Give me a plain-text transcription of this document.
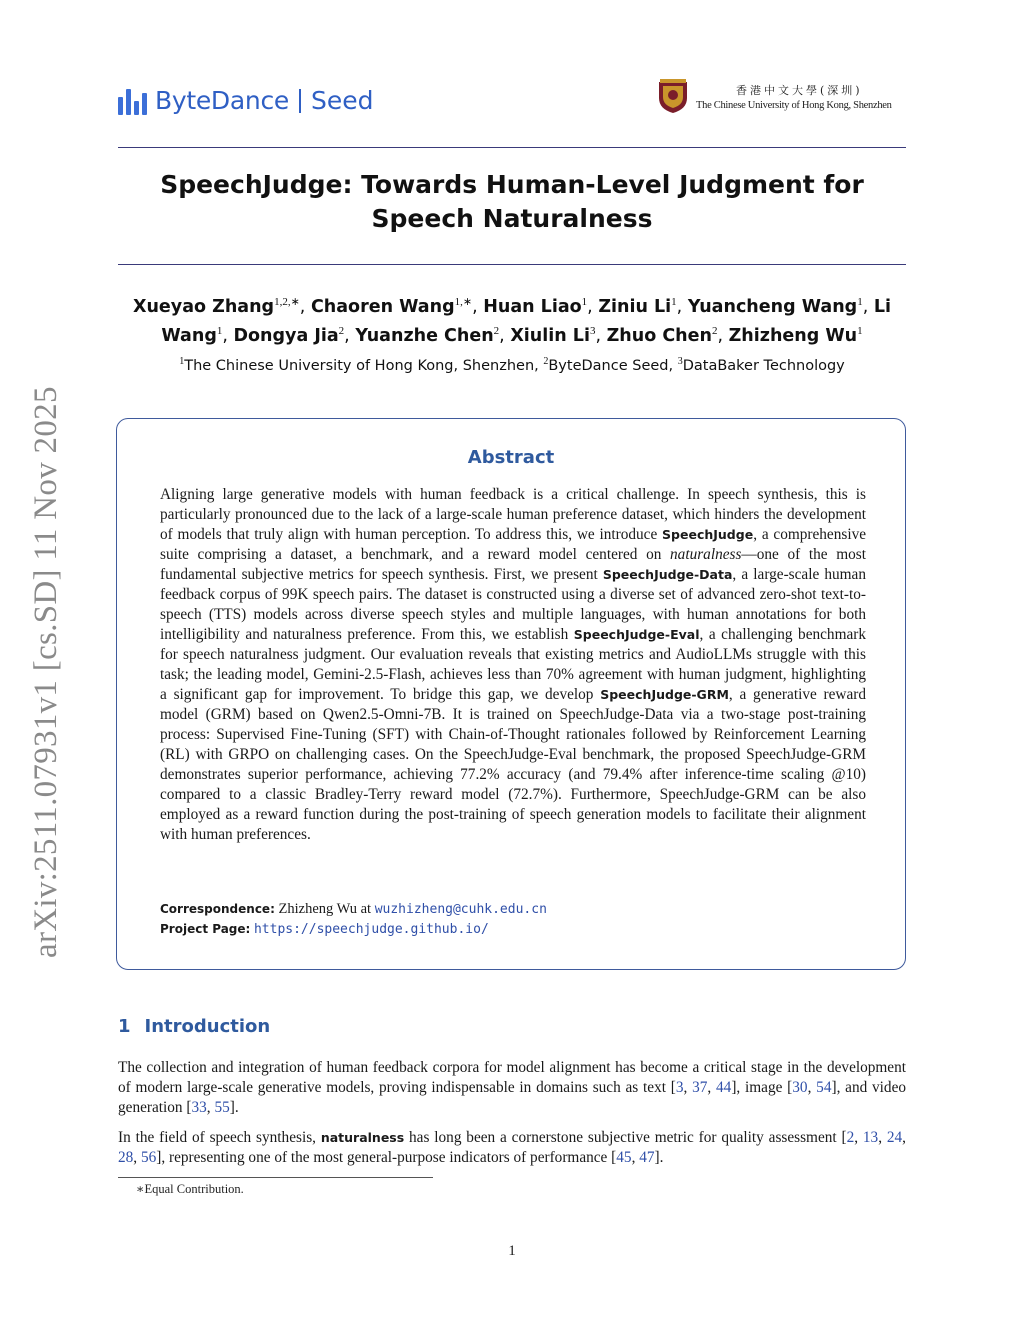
arXiv:2511.07931v1 [cs.SD] 11 Nov 2025
ByteDance Seed	香港中文大學(深圳)
The Chinese University of Hong Kong, Shenzhen
SpeechJudge: Towards Human-Level Judgment for
Speech Naturalness
Xueyao Zhang$^{1,2,∗}$, Chaoren Wang$^{1,∗}$, Huan Liao$^1$, Ziniu Li$^1$, Yuancheng Wang$^1$, Li Wang$^1$, Dongya Jia$^2$, Yuanzhe Chen$^2$, Xiulin Li$^3$, Zhuo Chen$^2$, Zhizheng Wu$^1$
$^1$The Chinese University of Hong Kong, Shenzhen, $^2$ByteDance Seed, $^3$DataBaker Technology
Abstract
Aligning large generative models with human feedback is a critical challenge. In speech synthesis, this is particularly pronounced due to the lack of a large-scale human preference dataset, which hinders the development of models that truly align with human perception. To address this, we introduce SpeechJudge, a comprehensive suite comprising a dataset, a benchmark, and a reward model centered on naturalness—one of the most fundamental subjective metrics for speech synthesis. First, we present SpeechJudge-Data, a large-scale human feedback corpus of 99K speech pairs. The dataset is constructed using a diverse set of advanced zero-shot text-to-speech (TTS) models across diverse speech styles and multiple languages, with human annotations for both intelligibility and naturalness preference. From this, we establish SpeechJudge-Eval, a challenging benchmark for speech naturalness judgment. Our evaluation reveals that existing metrics and AudioLLMs struggle with this task; the leading model, Gemini-2.5-Flash, achieves less than 70% agreement with human judgment, highlighting a significant gap for improvement. To bridge this gap, we develop SpeechJudge-GRM, a generative reward model (GRM) based on Qwen2.5-Omni-7B. It is trained on SpeechJudge-Data via a two-stage post-training process: Supervised Fine-Tuning (SFT) with Chain-of-Thought rationales followed by Reinforcement Learning (RL) with GRPO on challenging cases. On the SpeechJudge-Eval benchmark, the proposed SpeechJudge-GRM demonstrates superior performance, achieving 77.2% accuracy (and 79.4% after inference-time scaling @10) compared to a classic Bradley-Terry reward model (72.7%). Furthermore, SpeechJudge-GRM can be also employed as a reward function during the post-training of speech generation models to facilitate their alignment with human preferences.
Correspondence: Zhizheng Wu at wuzhizheng@cuhk.edu.cn
Project Page: https://speechjudge.github.io/
1 Introduction
The collection and integration of human feedback corpora for model alignment has become a critical stage in the development of modern large-scale generative models, proving indispensable in domains such as text [3, 37, 44], image [30, 54], and video generation [33, 55].
In the field of speech synthesis, naturalness has long been a cornerstone subjective metric for quality assessment [2, 13, 24, 28, 56], representing one of the most general-purpose indicators of performance [45, 47].
∗Equal Contribution.
1
